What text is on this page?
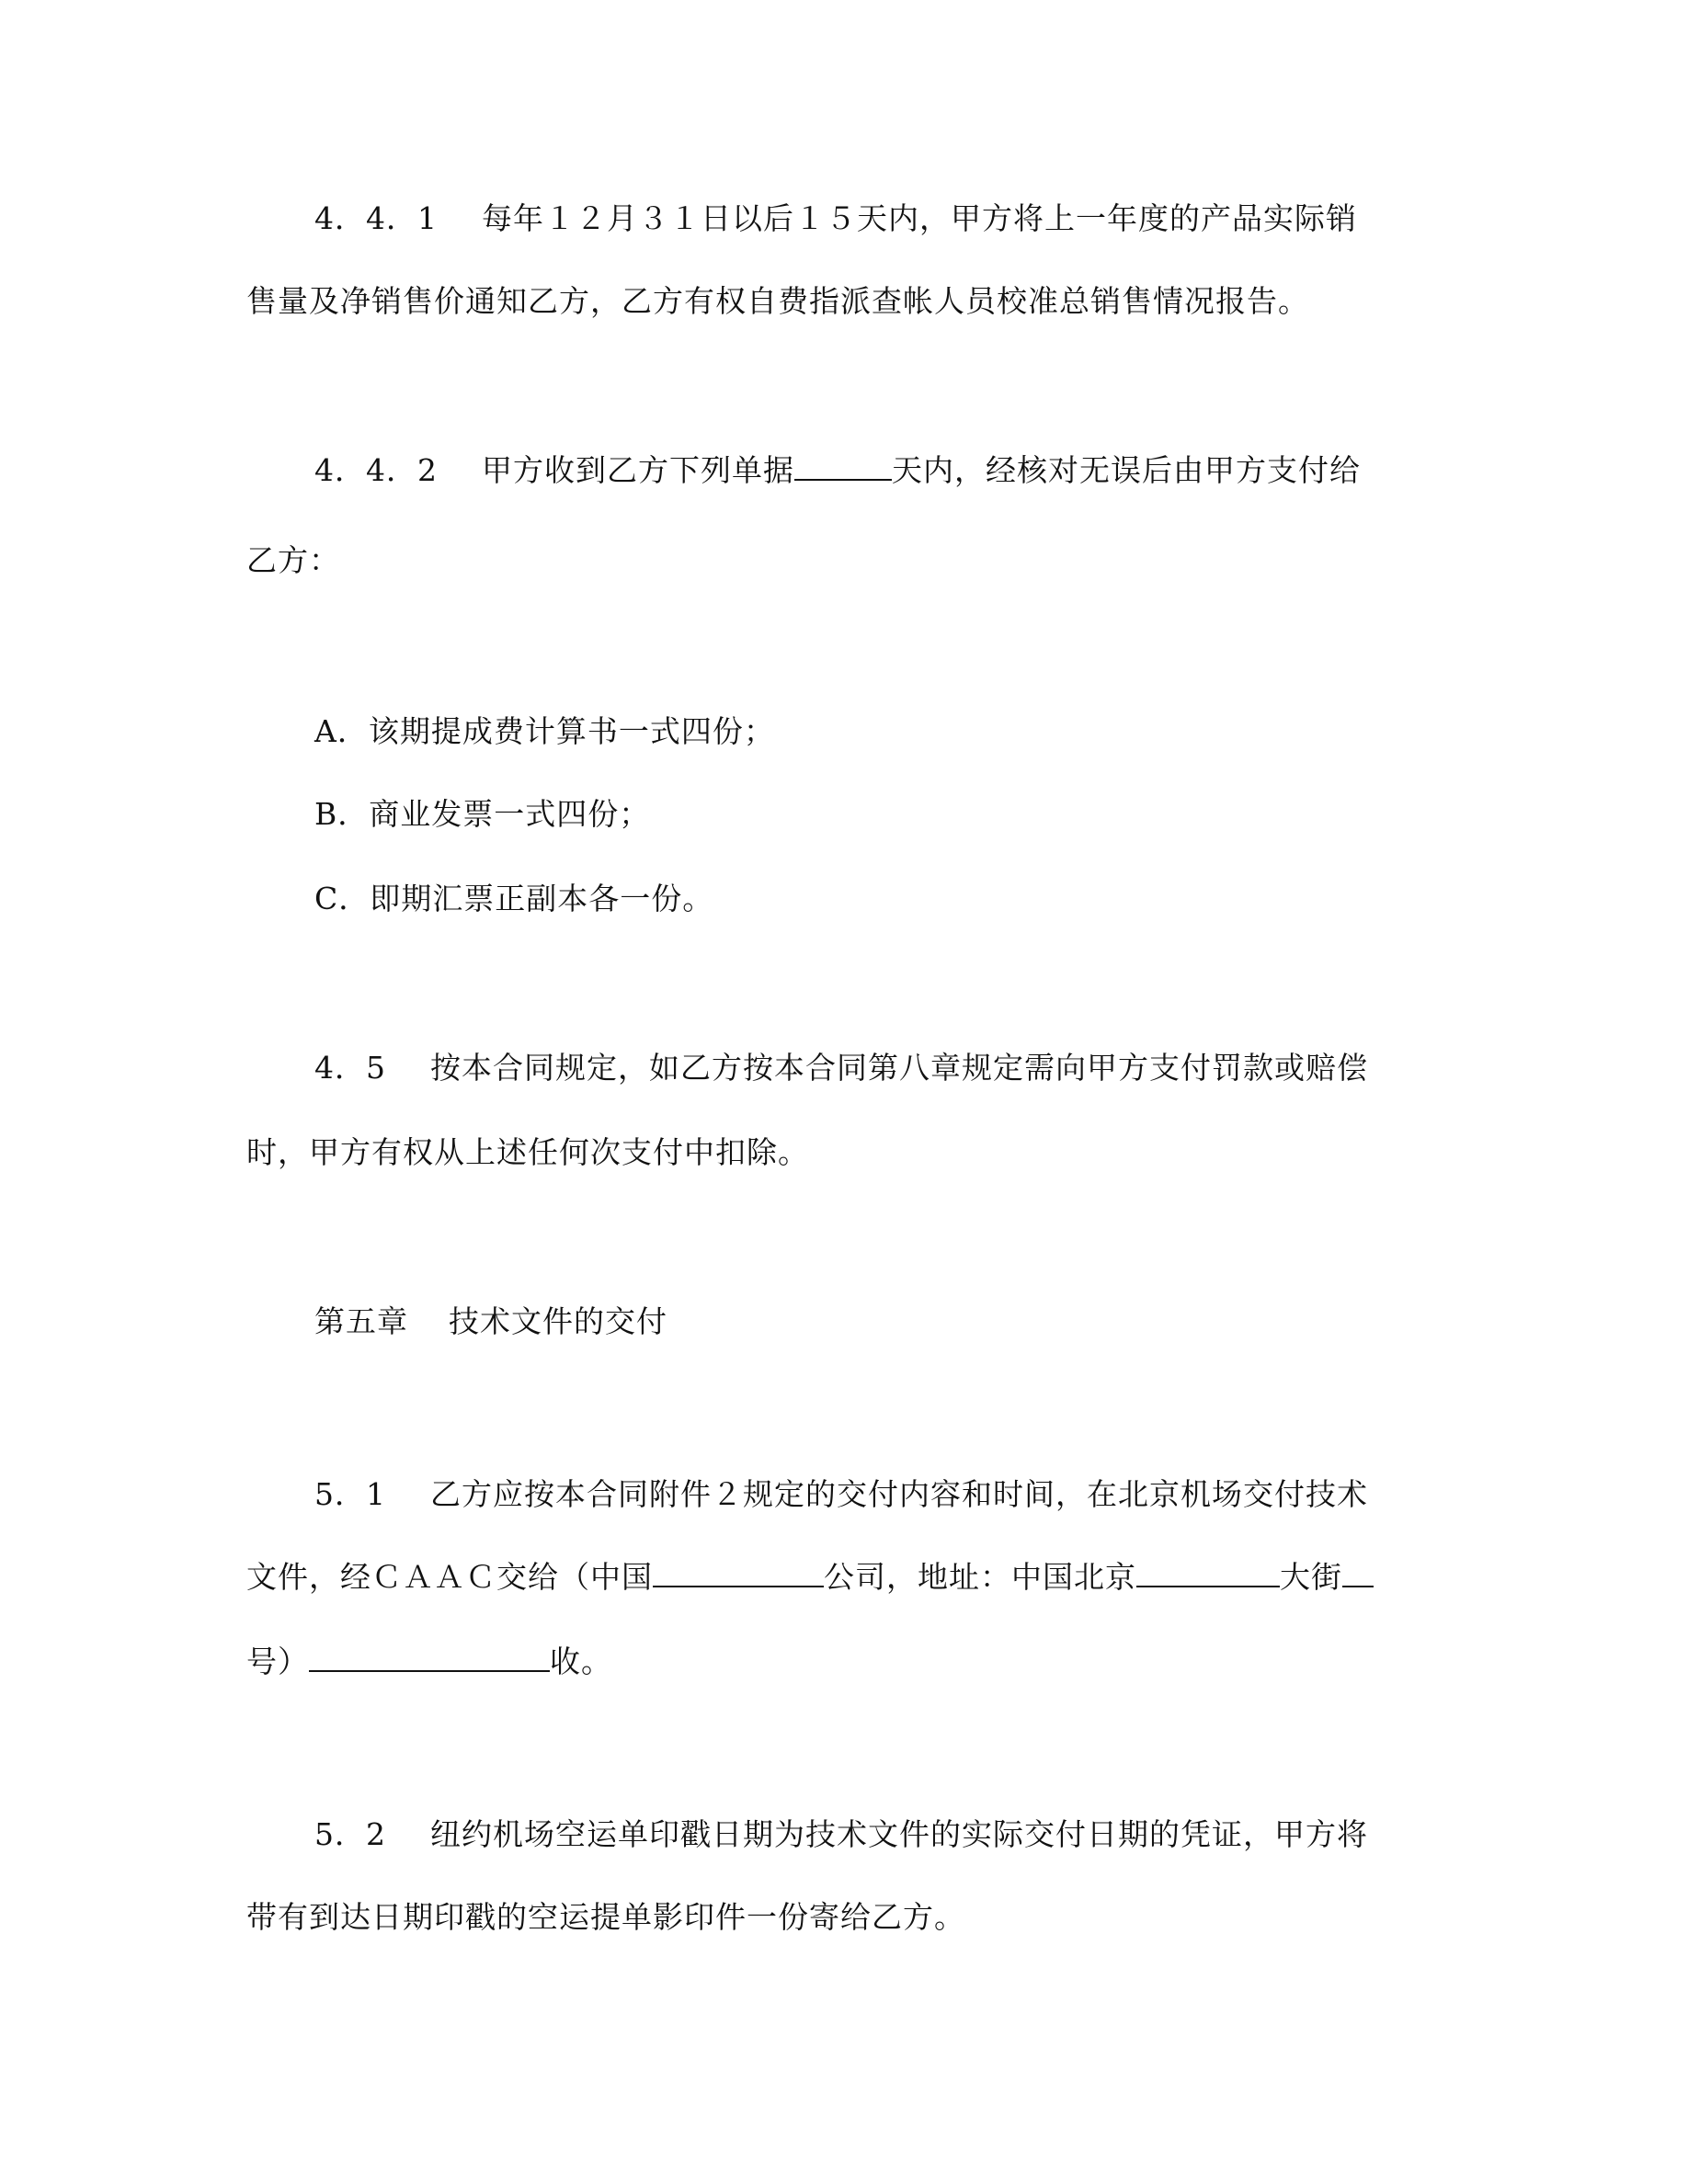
4．4．1 每年１２月３１日以后１５天内，甲方将上一年度的产品实际销
售量及净销售价通知乙方，乙方有权自费指派查帐人员校准总销售情况报告。
4．4．2 甲方收到乙方下列单据	天内，经核对无误后由甲方支付给
乙方：
A．该期提成费计算书一式四份；
B．商业发票一式四份；
C．即期汇票正副本各一份。
4．5 按本合同规定，如乙方按本合同第八章规定需向甲方支付罚款或赔偿
时，甲方有权从上述任何次支付中扣除。
第五章 技术文件的交付
5．1 乙方应按本合同附件２规定的交付内容和时间，在北京机场交付技术
文件，经ＣＡＡＣ交给（中国	公司，地址：中国北京	大街
号）	收。
5．2 纽约机场空运单印戳日期为技术文件的实际交付日期的凭证，甲方将
带有到达日期印戳的空运提单影印件一份寄给乙方。
